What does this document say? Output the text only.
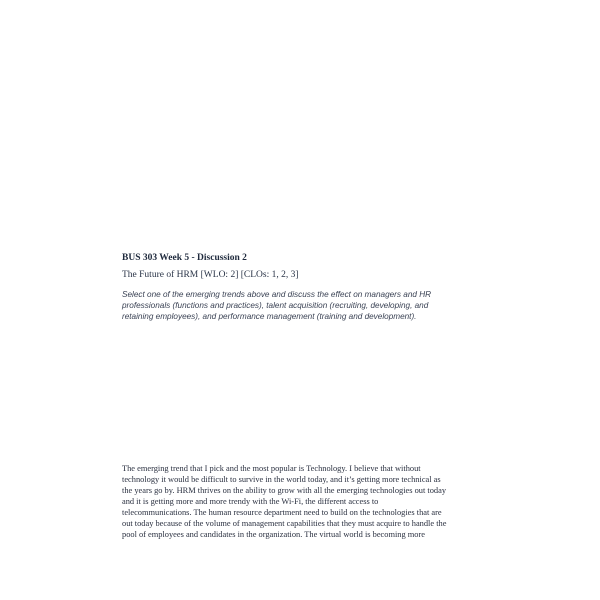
BUS 303 Week 5 - Discussion 2
The Future of HRM [WLO: 2] [CLOs: 1, 2, 3]
Select one of the emerging trends above and discuss the effect on managers and HR
professionals (functions and practices), talent acquisition (recruiting, developing, and
retaining employees), and performance management (training and development).
The emerging trend that I pick and the most popular is Technology. I believe that without
technology it would be difficult to survive in the world today, and it’s getting more technical as
the years go by. HRM thrives on the ability to grow with all the emerging technologies out today
and it is getting more and more trendy with the Wi-Fi, the different access to
telecommunications. The human resource department need to build on the technologies that are
out today because of the volume of management capabilities that they must acquire to handle the
pool of employees and candidates in the organization. The virtual world is becoming more
